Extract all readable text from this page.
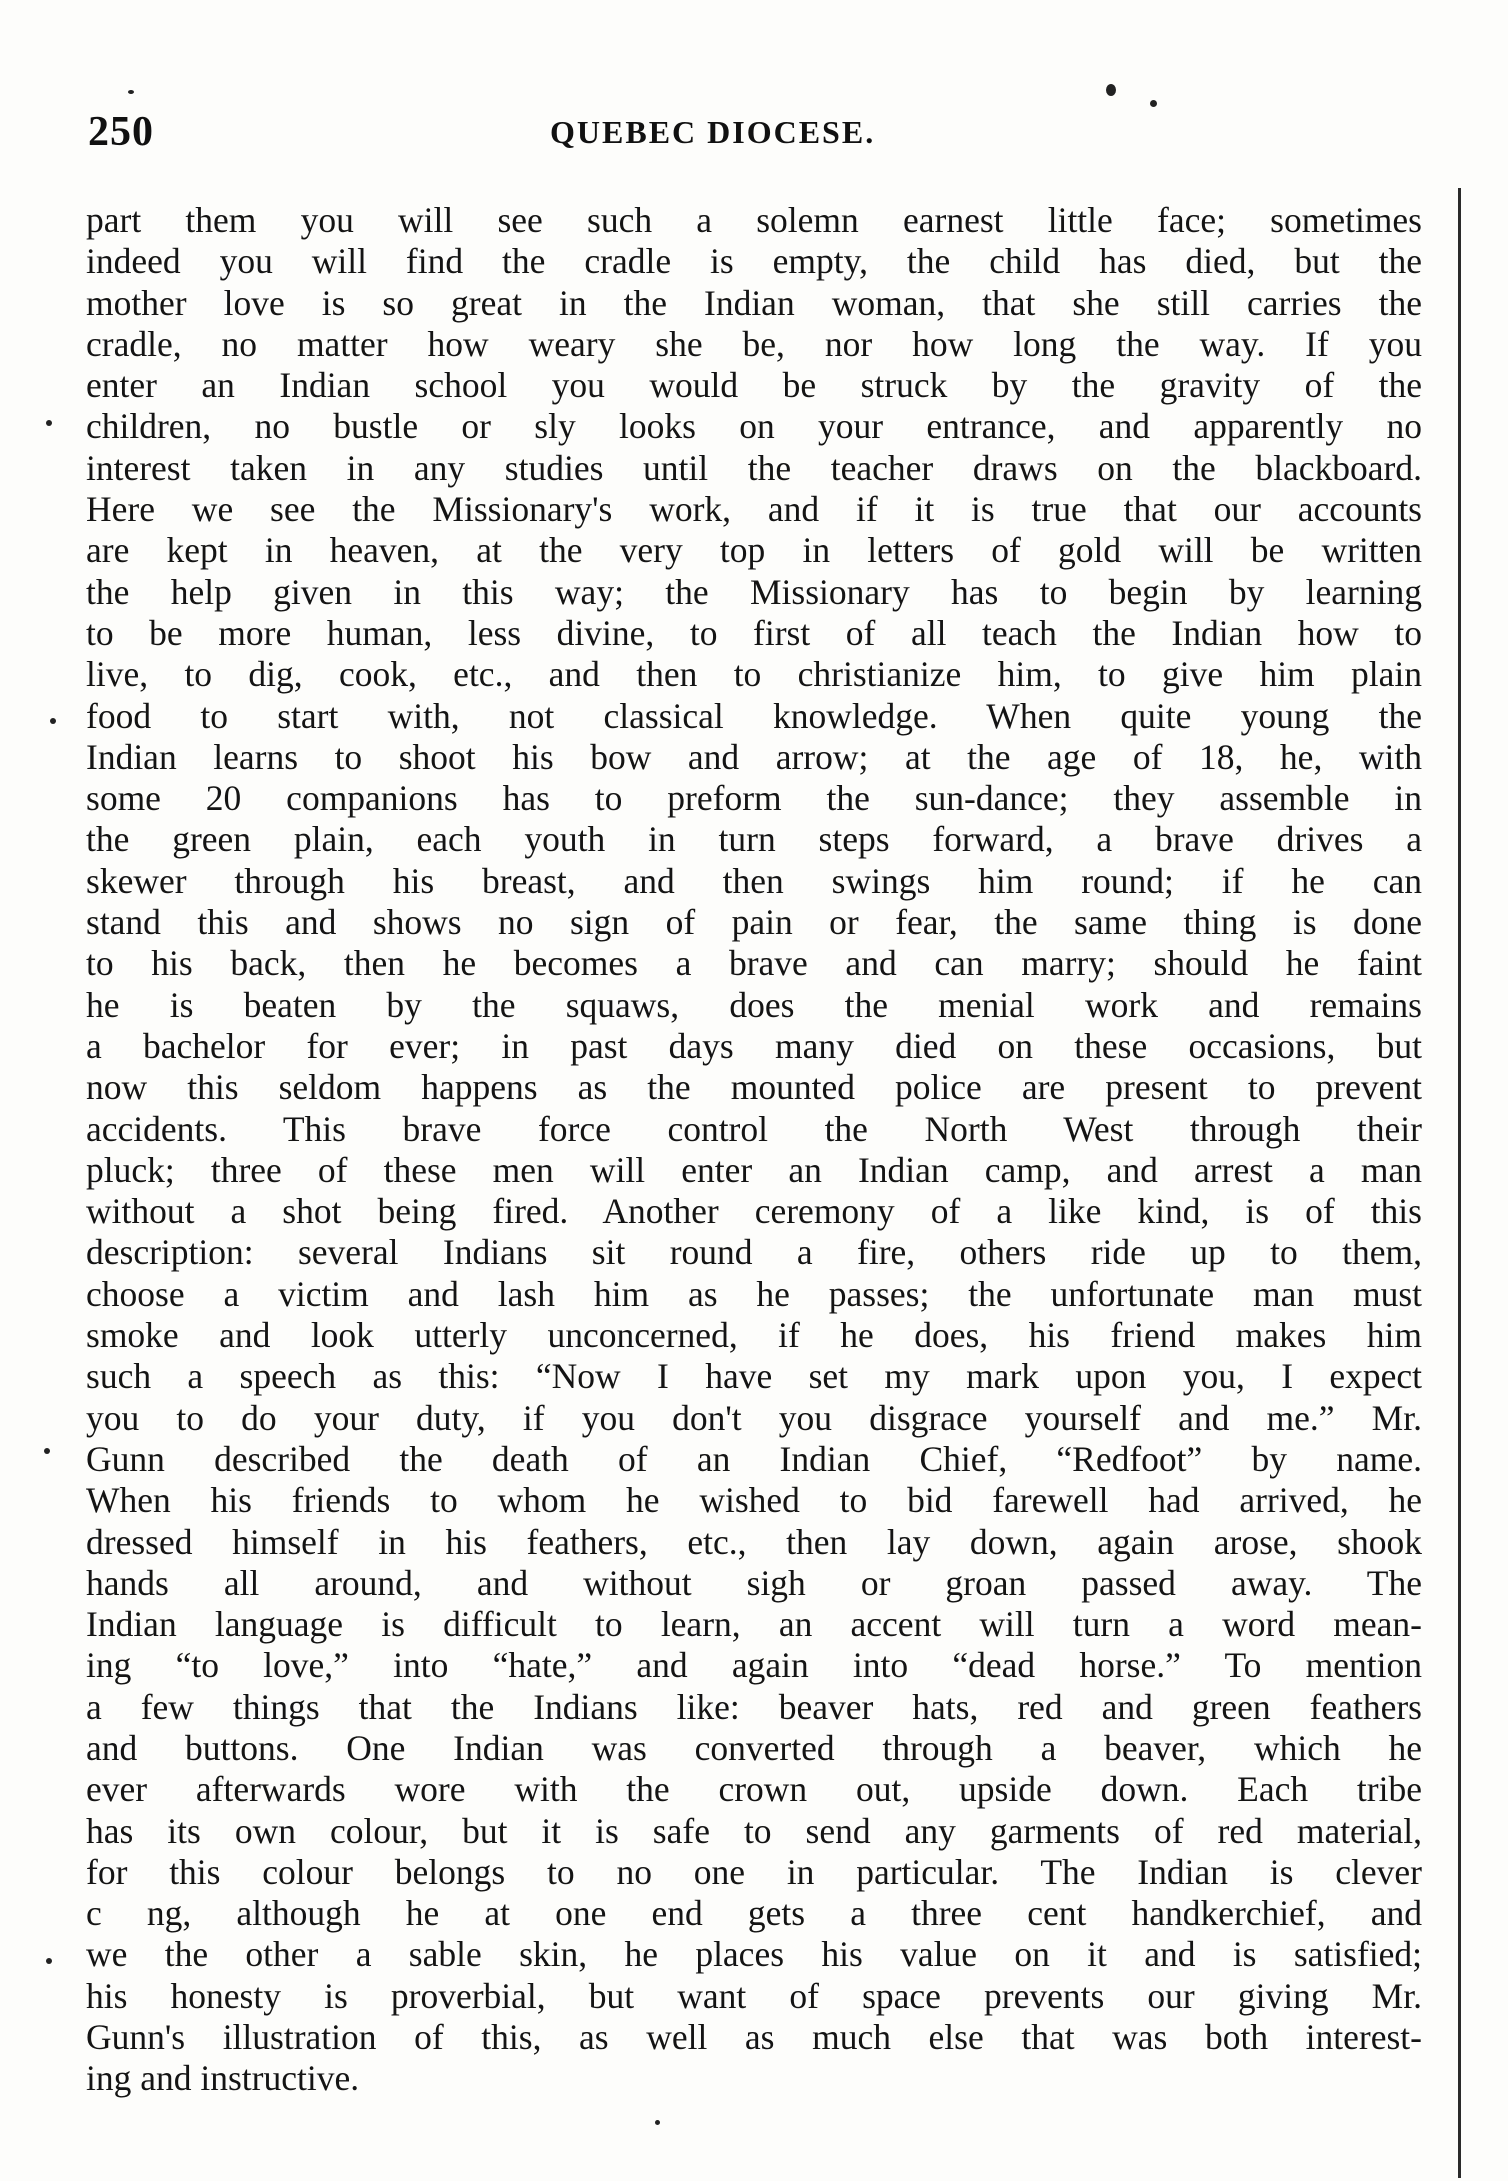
250	QUEBEC DIOCESE.
part them you will see such a solemn earnest little face; sometimes
indeed you will find the cradle is empty, the child has died, but the
mother love is so great in the Indian woman, that she still carries the
cradle, no matter how weary she be, nor how long the way. If you
enter an Indian school you would be struck by the gravity of the
children, no bustle or sly looks on your entrance, and apparently no
interest taken in any studies until the teacher draws on the blackboard.
Here we see the Missionary's work, and if it is true that our accounts
are kept in heaven, at the very top in letters of gold will be written
the help given in this way; the Missionary has to begin by learning
to be more human, less divine, to first of all teach the Indian how to
live, to dig, cook, etc., and then to christianize him, to give him plain
food to start with, not classical knowledge. When quite young the
Indian learns to shoot his bow and arrow; at the age of 18, he, with
some 20 companions has to preform the sun-dance; they assemble in
the green plain, each youth in turn steps forward, a brave drives a
skewer through his breast, and then swings him round; if he can
stand this and shows no sign of pain or fear, the same thing is done
to his back, then he becomes a brave and can marry; should he faint
he is beaten by the squaws, does the menial work and remains
a bachelor for ever; in past days many died on these occasions, but
now this seldom happens as the mounted police are present to prevent
accidents. This brave force control the North West through their
pluck; three of these men will enter an Indian camp, and arrest a man
without a shot being fired. Another ceremony of a like kind, is of this
description: several Indians sit round a fire, others ride up to them,
choose a victim and lash him as he passes; the unfortunate man must
smoke and look utterly unconcerned, if he does, his friend makes him
such a speech as this: “Now I have set my mark upon you, I expect
you to do your duty, if you don't you disgrace yourself and me.” Mr.
Gunn described the death of an Indian Chief, “Redfoot” by name.
When his friends to whom he wished to bid farewell had arrived, he
dressed himself in his feathers, etc., then lay down, again arose, shook
hands all around, and without sigh or groan passed away. The
Indian language is difficult to learn, an accent will turn a word mean-
ing “to love,” into “hate,” and again into “dead horse.” To mention
a few things that the Indians like: beaver hats, red and green feathers
and buttons. One Indian was converted through a beaver, which he
ever afterwards wore with the crown out, upside down. Each tribe
has its own colour, but it is safe to send any garments of red material,
for this colour belongs to no one in particular. The Indian is clever
c ng, although he at one end gets a three cent handkerchief, and
we the other a sable skin, he places his value on it and is satisfied;
his honesty is proverbial, but want of space prevents our giving Mr.
Gunn's illustration of this, as well as much else that was both interest-
ing and instructive.
